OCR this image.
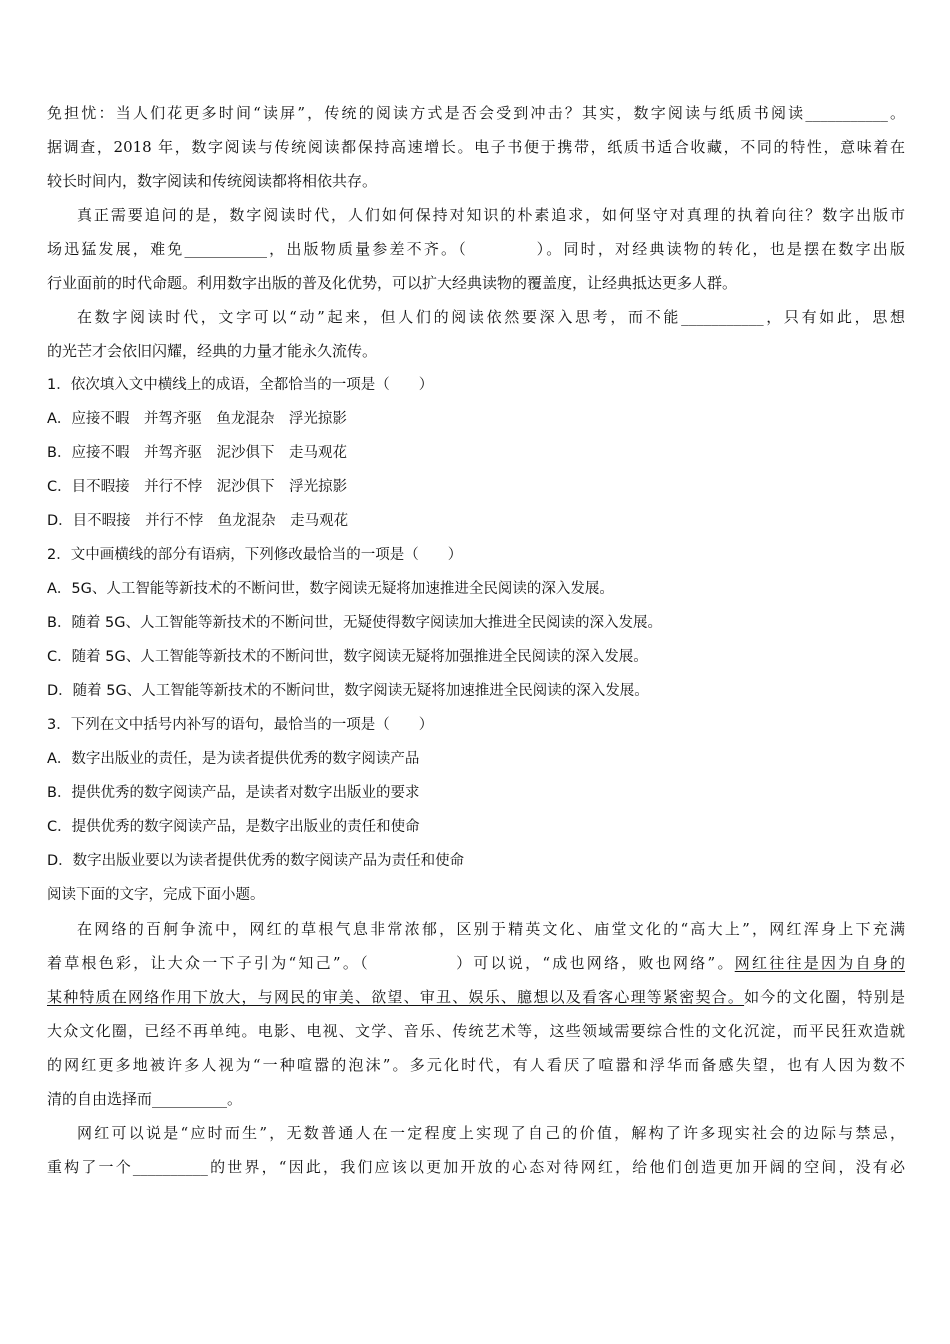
免担忧：当人们花更多时间“读屏”，传统的阅读方式是否会受到冲击？其实，数字阅读与纸质书阅读___________。
据调查，2018 年，数字阅读与传统阅读都保持高速增长。电子书便于携带，纸质书适合收藏，不同的特性，意味着在
较长时间内，数字阅读和传统阅读都将相依共存。
真正需要追问的是，数字阅读时代，人们如何保持对知识的朴素追求，如何坚守对真理的执着向往？数字出版市
场迅猛发展，难免___________，出版物质量参差不齐。（　　　　）。同时，对经典读物的转化，也是摆在数字出版
行业面前的时代命题。利用数字出版的普及化优势，可以扩大经典读物的覆盖度，让经典抵达更多人群。
在数字阅读时代，文字可以“动”起来，但人们的阅读依然要深入思考，而不能___________，只有如此，思想
的光芒才会依旧闪耀，经典的力量才能永久流传。
1．依次填入文中横线上的成语，全都恰当的一项是（　　）
A．应接不暇　并驾齐驱　鱼龙混杂　浮光掠影
B．应接不暇　并驾齐驱　泥沙俱下　走马观花
C．目不暇接　并行不悖　泥沙俱下　浮光掠影
D．目不暇接　并行不悖　鱼龙混杂　走马观花
2．文中画横线的部分有语病，下列修改最恰当的一项是（　　）
A．5G、人工智能等新技术的不断问世，数字阅读无疑将加速推进全民阅读的深入发展。
B．随着 5G、人工智能等新技术的不断问世，无疑使得数字阅读加大推进全民阅读的深入发展。
C．随着 5G、人工智能等新技术的不断问世，数字阅读无疑将加强推进全民阅读的深入发展。
D．随着 5G、人工智能等新技术的不断问世，数字阅读无疑将加速推进全民阅读的深入发展。
3．下列在文中括号内补写的语句，最恰当的一项是（　　）
A．数字出版业的责任，是为读者提供优秀的数字阅读产品
B．提供优秀的数字阅读产品，是读者对数字出版业的要求
C．提供优秀的数字阅读产品，是数字出版业的责任和使命
D．数字出版业要以为读者提供优秀的数字阅读产品为责任和使命
阅读下面的文字，完成下面小题。
在网络的百舸争流中，网红的草根气息非常浓郁，区别于精英文化、庙堂文化的“高大上”，网红浑身上下充满
着草根色彩，让大众一下子引为“知己”。（　　　　　）可以说，“成也网络，败也网络”。网红往往是因为自身的
某种特质在网络作用下放大，与网民的审美、欲望、审丑、娱乐、臆想以及看客心理等紧密契合。如今的文化圈，特别是
大众文化圈，已经不再单纯。电影、电视、文学、音乐、传统艺术等，这些领域需要综合性的文化沉淀，而平民狂欢造就
的网红更多地被许多人视为“一种喧嚣的泡沫”。多元化时代，有人看厌了喧嚣和浮华而备感失望，也有人因为数不
清的自由选择而__________。
网红可以说是“应时而生”，无数普通人在一定程度上实现了自己的价值，解构了许多现实社会的边际与禁忌，
重构了一个__________的世界，“因此，我们应该以更加开放的心态对待网红，给他们创造更加开阔的空间，没有必
